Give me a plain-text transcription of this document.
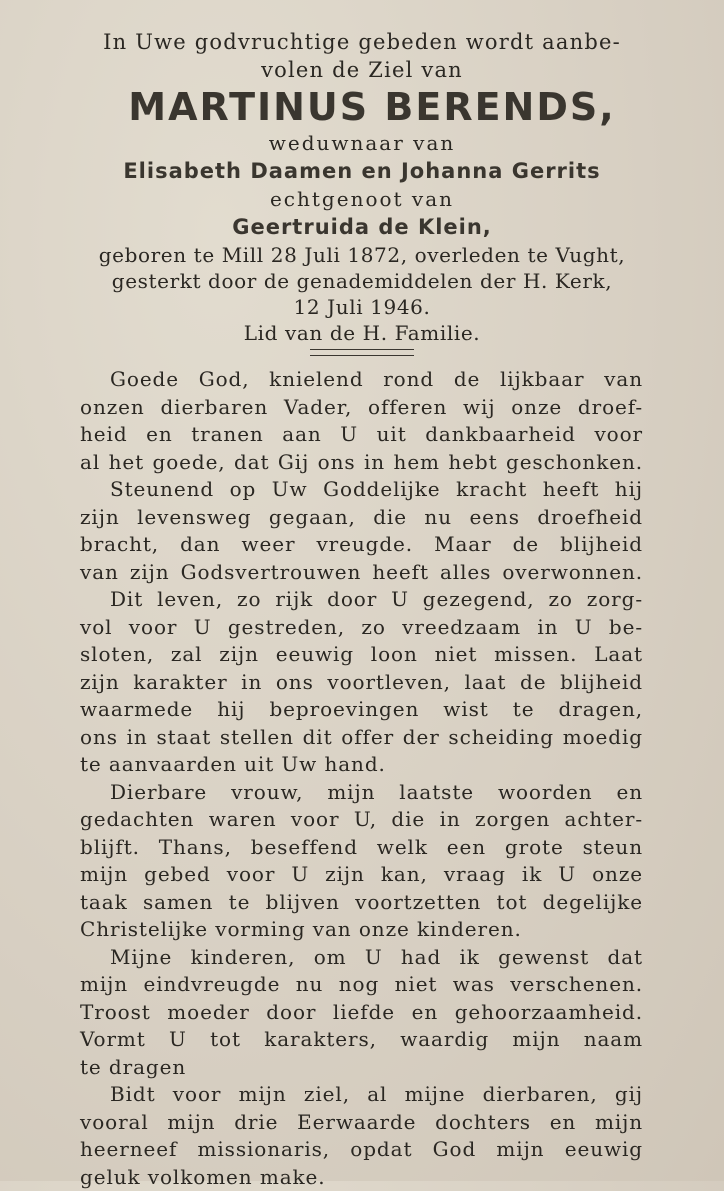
In Uwe godvruchtige gebeden wordt aanbe-
volen de Ziel van
MARTINUS BERENDS,
weduwnaar van
Elisabeth Daamen en Johanna Gerrits
echtgenoot van
Geertruida de Klein,
geboren te Mill 28 Juli 1872, overleden te Vught,
gesterkt door de genademiddelen der H. Kerk,
12 Juli 1946.
Lid van de H. Familie.
Goede God, knielend rond de lijkbaar van
onzen dierbaren Vader, offeren wij onze droef-
heid en tranen aan U uit dankbaarheid voor
al het goede, dat Gij ons in hem hebt geschonken.
Steunend op Uw Goddelijke kracht heeft hij
zijn levensweg gegaan, die nu eens droefheid
bracht, dan weer vreugde. Maar de blijheid
van zijn Godsvertrouwen heeft alles overwonnen.
Dit leven, zo rijk door U gezegend, zo zorg-
vol voor U gestreden, zo vreedzaam in U be-
sloten, zal zijn eeuwig loon niet missen. Laat
zijn karakter in ons voortleven, laat de blijheid
waarmede hij beproevingen wist te dragen,
ons in staat stellen dit offer der scheiding moedig
te aanvaarden uit Uw hand.
Dierbare vrouw, mijn laatste woorden en
gedachten waren voor U, die in zorgen achter-
blijft. Thans, beseffend welk een grote steun
mijn gebed voor U zijn kan, vraag ik U onze
taak samen te blijven voortzetten tot degelijke
Christelijke vorming van onze kinderen.
Mijne kinderen, om U had ik gewenst dat
mijn eindvreugde nu nog niet was verschenen.
Troost moeder door liefde en gehoorzaamheid.
Vormt U tot karakters, waardig mijn naam
te dragen
Bidt voor mijn ziel, al mijne dierbaren, gij
vooral mijn drie Eerwaarde dochters en mijn
heerneef missionaris, opdat God mijn eeuwig
geluk volkomen make.
